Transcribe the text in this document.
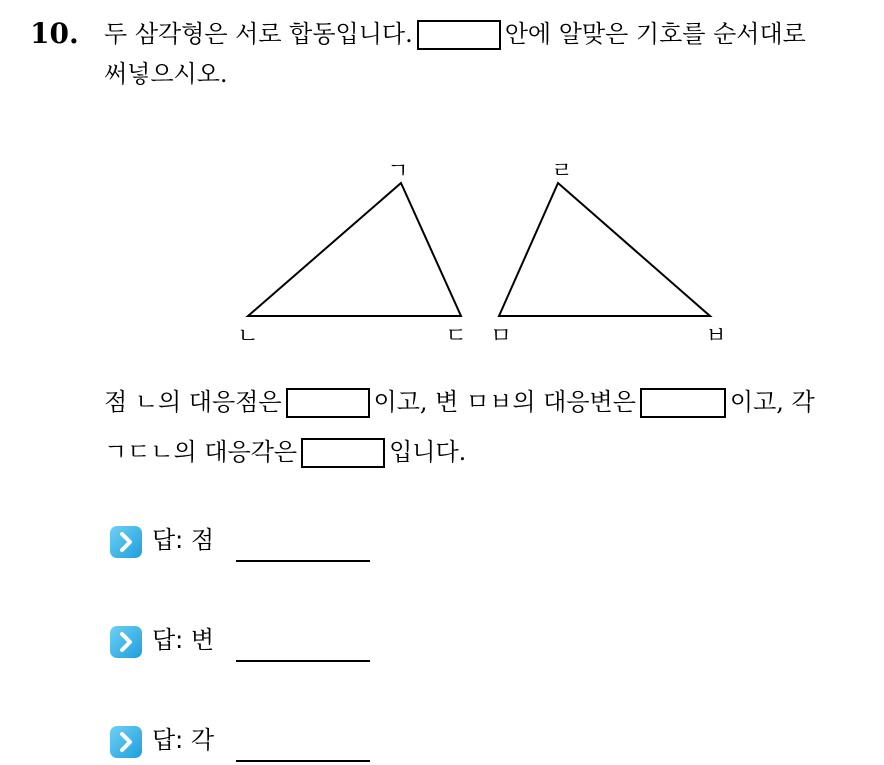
10. 두 삼각형은 서로 합동입니다.	안에 알맞은 기호를 순서대로
써넣으시오.
ㄱ
ㄴ	ㄷ
ㄹ
ㅁ	ㅂ
점 ㄴ의 대응점은	이고, 변 ㅁㅂ의 대응변은	이고, 각
ㄱㄷㄴ의 대응각은	입니다.
답: 점
답: 변
답: 각
